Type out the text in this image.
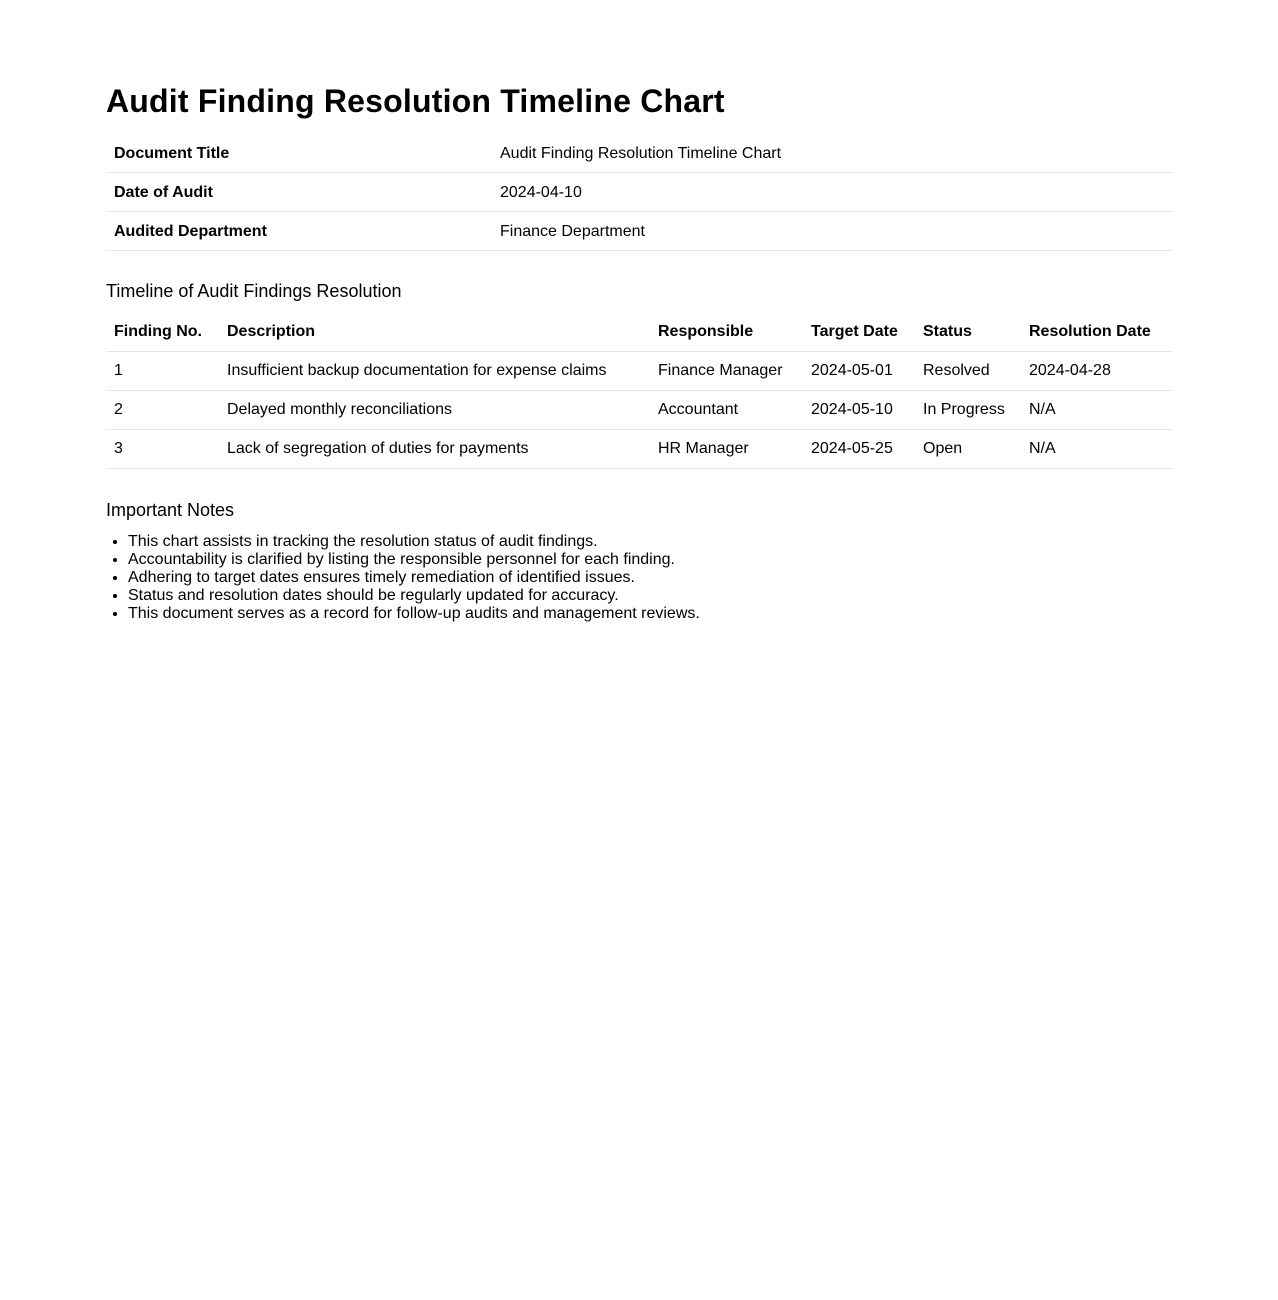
Audit Finding Resolution Timeline Chart
Document Title	Audit Finding Resolution Timeline Chart
Date of Audit	2024-04-10
Audited Department	Finance Department
Timeline of Audit Findings Resolution
Finding No.	Description	Responsible	Target Date	Status	Resolution Date
1	Insufficient backup documentation for expense claims	Finance Manager	2024-05-01	Resolved	2024-04-28
2	Delayed monthly reconciliations	Accountant	2024-05-10	In Progress	N/A
3	Lack of segregation of duties for payments	HR Manager	2024-05-25	Open	N/A
Important Notes
• This chart assists in tracking the resolution status of audit findings.
• Accountability is clarified by listing the responsible personnel for each finding.
• Adhering to target dates ensures timely remediation of identified issues.
• Status and resolution dates should be regularly updated for accuracy.
• This document serves as a record for follow-up audits and management reviews.
